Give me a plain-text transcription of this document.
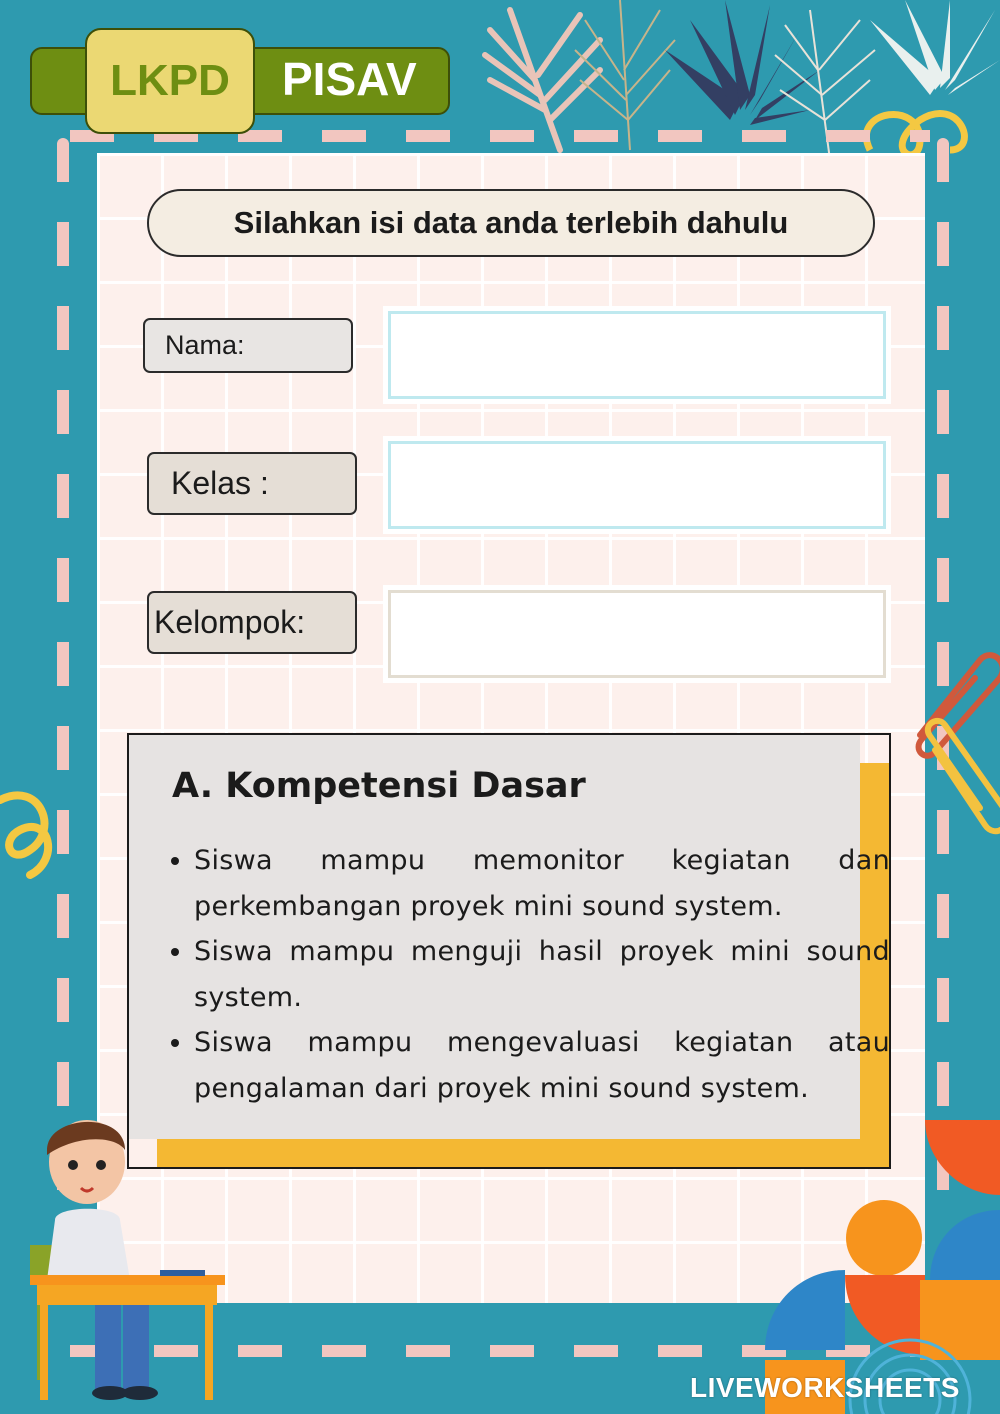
LKPD	PISAV
Silahkan isi data anda terlebih dahulu
Nama:
Kelas :
Kelompok:
A. Kompetensi Dasar
• Siswa mampu memonitor kegiatan dan perkembangan proyek mini sound system.
• Siswa mampu menguji hasil proyek mini sound system.
• Siswa mampu mengevaluasi kegiatan atau pengalaman dari proyek mini sound system.
LIVEWORKSHEETS
